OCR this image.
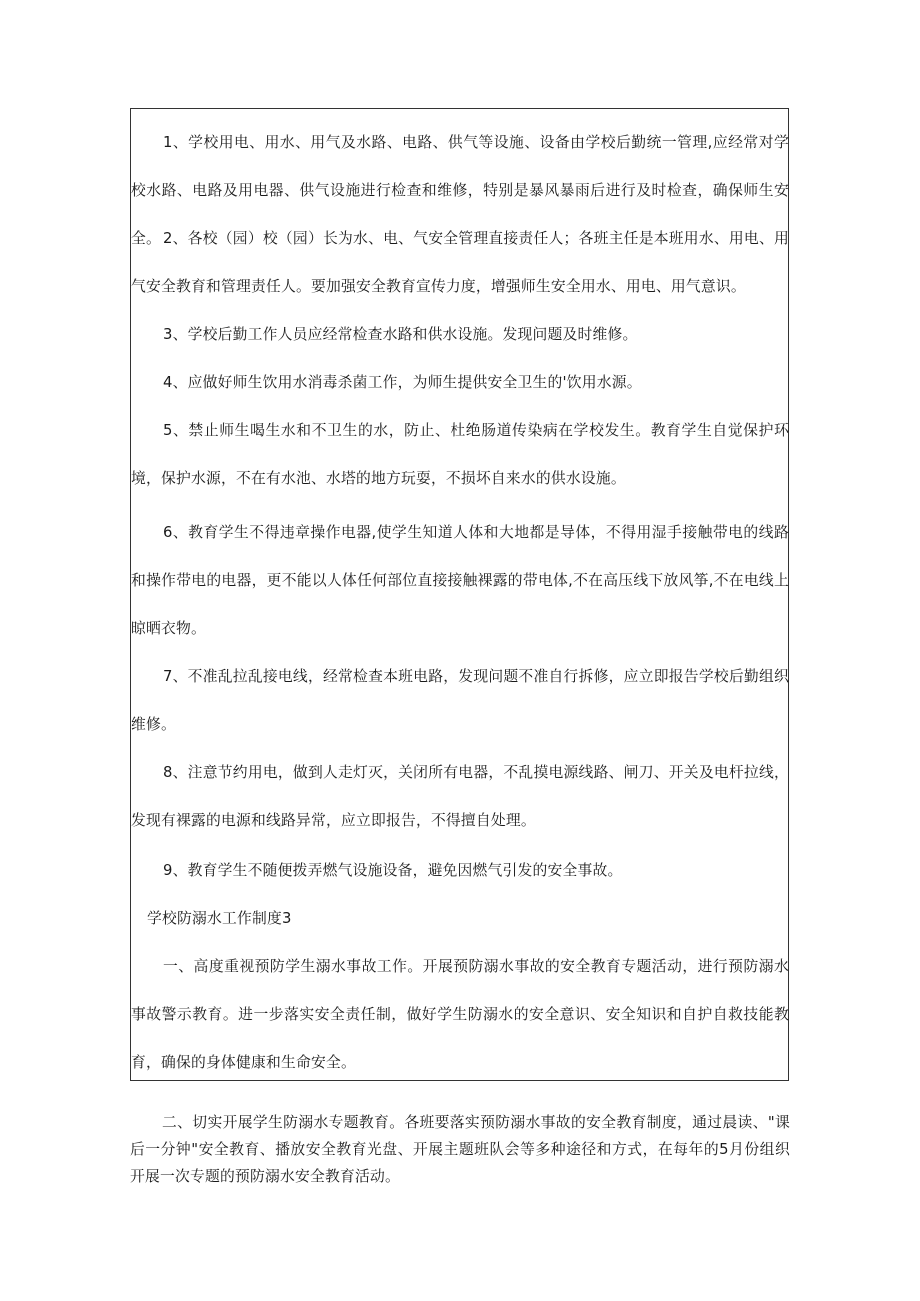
1、学校用电、用水、用气及水路、电路、供气等设施、设备由学校后勤统一管理,应经常对学校水路、电路及用电器、供气设施进行检查和维修，特别是暴风暴雨后进行及时检查，确保师生安全。 2、各校（园）校（园）长为水、电、气安全管理直接责任人；各班主任是本班用水、用电、用气安全教育和管理责任人。要加强安全教育宣传力度，增强师生安全用水、用电、用气意识。

3、学校后勤工作人员应经常检查水路和供水设施。发现问题及时维修。

4、应做好师生饮用水消毒杀菌工作，为师生提供安全卫生的'饮用水源。

5、禁止师生喝生水和不卫生的水，防止、杜绝肠道传染病在学校发生。教育学生自觉保护环境，保护水源，不在有水池、水塔的地方玩耍，不损坏自来水的供水设施。

6、教育学生不得违章操作电器,使学生知道人体和大地都是导体，不得用湿手接触带电的线路和操作带电的电器，更不能以人体任何部位直接接触裸露的带电体,不在高压线下放风筝,不在电线上晾晒衣物。

7、不准乱拉乱接电线，经常检查本班电路，发现问题不准自行拆修，应立即报告学校后勤组织维修。

8、注意节约用电，做到人走灯灭，关闭所有电器，不乱摸电源线路、闸刀、开关及电杆拉线，发现有裸露的电源和线路异常，应立即报告，不得擅自处理。

9、教育学生不随便拨弄燃气设施设备，避免因燃气引发的安全事故。

学校防溺水工作制度3

一、高度重视预防学生溺水事故工作。开展预防溺水事故的安全教育专题活动，进行预防溺水事故警示教育。进一步落实安全责任制，做好学生防溺水的安全意识、安全知识和自护自救技能教育，确保的身体健康和生命安全。

二、切实开展学生防溺水专题教育。各班要落实预防溺水事故的安全教育制度，通过晨读、"课后一分钟"安全教育、播放安全教育光盘、开展主题班队会等多种途径和方式，在每年的5月份组织开展一次专题的预防溺水安全教育活动。
